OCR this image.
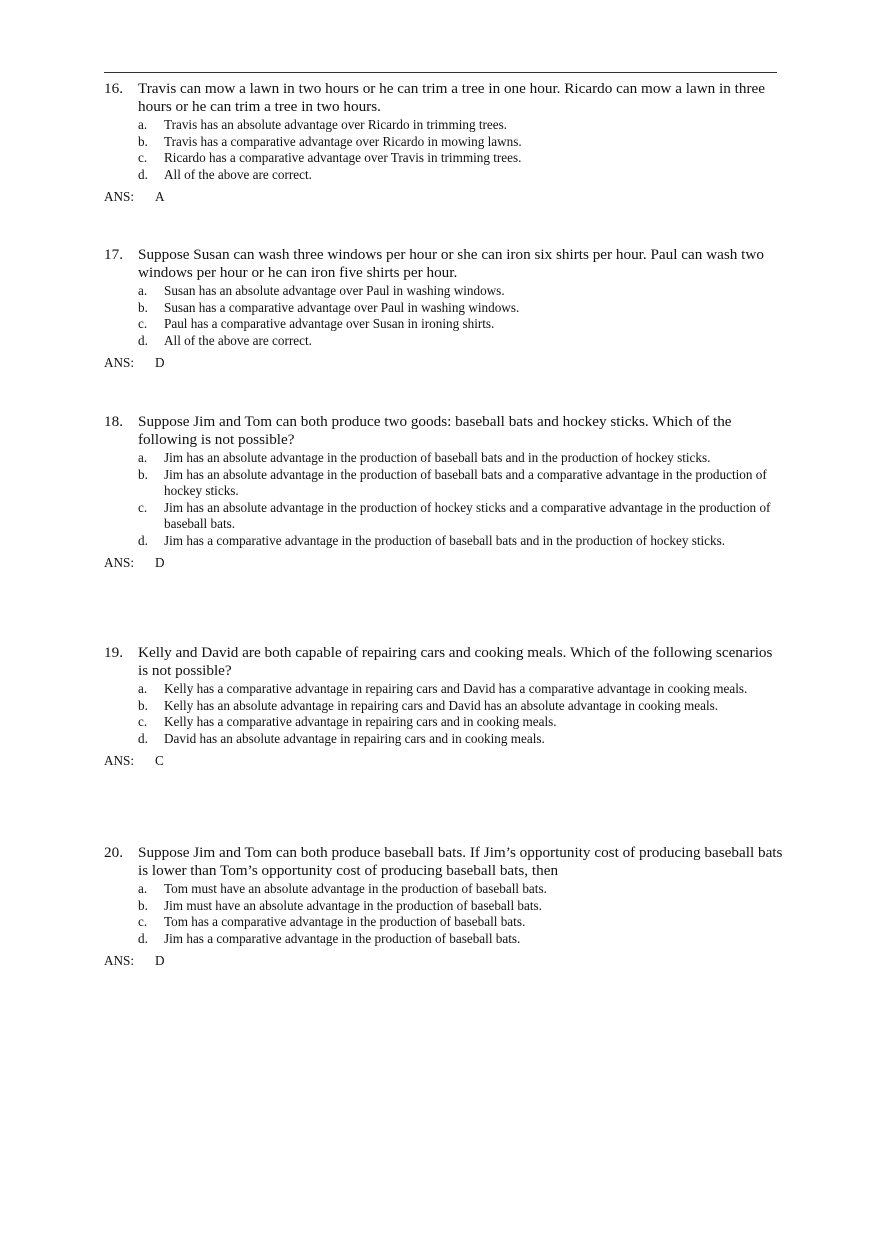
16. Travis can mow a lawn in two hours or he can trim a tree in one hour. Ricardo can mow a lawn in three hours or he can trim a tree in two hours.
a.	Travis has an absolute advantage over Ricardo in trimming trees.
b.	Travis has a comparative advantage over Ricardo in mowing lawns.
c.	Ricardo has a comparative advantage over Travis in trimming trees.
d.	All of the above are correct.
ANS:	A
17. Suppose Susan can wash three windows per hour or she can iron six shirts per hour. Paul can wash two windows per hour or he can iron five shirts per hour.
a.	Susan has an absolute advantage over Paul in washing windows.
b.	Susan has a comparative advantage over Paul in washing windows.
c.	Paul has a comparative advantage over Susan in ironing shirts.
d.	All of the above are correct.
ANS:	D
18. Suppose Jim and Tom can both produce two goods: baseball bats and hockey sticks. Which of the following is not possible?
a.	Jim has an absolute advantage in the production of baseball bats and in the production of hockey sticks.
b.	Jim has an absolute advantage in the production of baseball bats and a comparative advantage in the production of hockey sticks.
c.	Jim has an absolute advantage in the production of hockey sticks and a comparative advantage in the production of baseball bats.
d.	Jim has a comparative advantage in the production of baseball bats and in the production of hockey sticks.
ANS:	D
19. Kelly and David are both capable of repairing cars and cooking meals. Which of the following scenarios is not possible?
a.	Kelly has a comparative advantage in repairing cars and David has a comparative advantage in cooking meals.
b.	Kelly has an absolute advantage in repairing cars and David has an absolute advantage in cooking meals.
c.	Kelly has a comparative advantage in repairing cars and in cooking meals.
d.	David has an absolute advantage in repairing cars and in cooking meals.
ANS:	C
20. Suppose Jim and Tom can both produce baseball bats. If Jim’s opportunity cost of producing baseball bats is lower than Tom’s opportunity cost of producing baseball bats, then
a.	Tom must have an absolute advantage in the production of baseball bats.
b.	Jim must have an absolute advantage in the production of baseball bats.
c.	Tom has a comparative advantage in the production of baseball bats.
d.	Jim has a comparative advantage in the production of baseball bats.
ANS:	D
